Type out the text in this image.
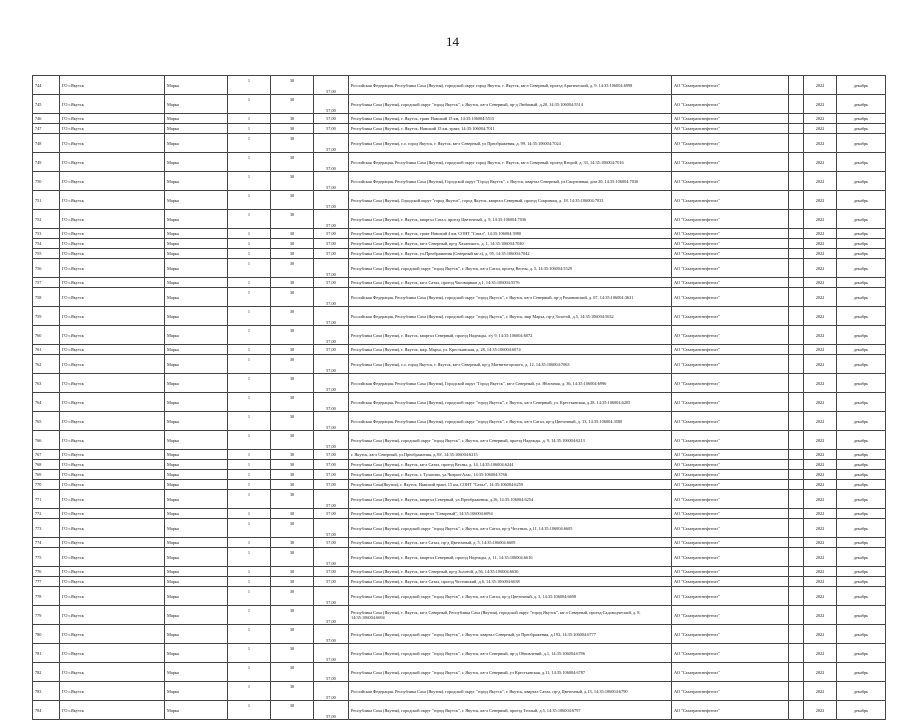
14
744	ГО г.Якутск	Марка	1	30	57,00	Российская Федерация, Республика Саха (Якутия), городской округ город Якутск, г. Якутск, кв-л Северный, проезд Арктический, д. 9. 14:35:106004:6998	АО "Сахатранснефтегаз"		2022	декабрь
745	ГО г.Якутск	Марка	1	30	57,00	Республика Саха (Якутия), городской округ "город Якутск", г. Якутск, кв-л Северный, пр-д Любимый, д.20, 14:35:106004:5514	АО "Сахатранснефтегаз"		2022	декабрь
746	ГО г.Якутск	Марка	1	30	57,00	Республика Саха (Якутия), г. Якутск, тракт Намский 15 км, 14:35:106004:5515	АО "Сахатранснефтегаз"		2022	декабрь
747	ГО г.Якутск	Марка	1	30	57,00	Республика Саха (Якутия), г. Якутск, Намский 15 км. тракт, 14:35:106004:7011	АО "Сахатранснефтегаз"		2022	декабрь
748	ГО г.Якутск	Марка	1	30	57,00	Республика Саха (Якутия), г.о. город Якутск, г. Якутск, кв-л Северный, ул Преображения, д. 99, 14:35:106004:7024	АО "Сахатранснефтегаз"		2022	декабрь
749	ГО г.Якутск	Марка	1	30	57,00	Российская Федерация, Республика Саха (Якутия), городской округ город Якутск, г. Якутск, кв-л Северный, проезд Второй, д. 33, 14:35:106004:7016	АО "Сахатранснефтегаз"		2022	декабрь
750	ГО г.Якутск	Марка	1	30	57,00	Российская Федерация, Республика Саха (Якутия), Городской округ "Город Якутск", г. Якутск, квартал Северный, ул.Спортивная, дом 20, 14:35:106004:7030	АО "Сахатранснефтегаз"		2022	декабрь
751	ГО г.Якутск	Марка	1	30	57,00	Республика Саха (Якутия), Городской округ "город Якутск", город Якутск, квартал Северный, проезд Сокровищ, д. 18, 14:35:106004:7033	АО "Сахатранснефтегаз"		2022	декабрь
752	ГО г.Якутск	Марка	1	30	57,00	Республика Саха (Якутия), г. Якутск, квартал Сатал, проезд Цветочный, д. 9, 14:35:106004:7036	АО "Сахатранснефтегаз"		2022	декабрь
753	ГО г.Якутск	Марка	1	30	57,00	Республика Саха (Якутия), г. Якутск, тракт Намский 4 км, СОНТ "Сатал", 14:35:106004:3980	АО "Сахатранснефтегаз"		2022	декабрь
754	ГО г.Якутск	Марка	1	30	57,00	Республика Саха (Якутия), г. Якутск, кв-л Северный, пр-д Хаханского, д. 1, 14:35:106004:7040	АО "Сахатранснефтегаз"		2022	декабрь
755	ГО г.Якутск	Марка	1	30	57,00	Республика Саха (Якутия), г. Якутск, ул.Преображения (Северный кв-л), д. 95, 14:35:106004:7042	АО "Сахатранснефтегаз"		2022	декабрь
756	ГО г.Якутск	Марка	1	30	57,00	Республика Саха (Якутия), городской округ "город Якутск", г. Якутск, кв-л Сатал, проезд Весны, д. 5, 14:35:106004:5529	АО "Сахатранснефтегаз"		2022	декабрь
757	ГО г.Якутск	Марка	1	30	57,00	Республика Саха (Якутия), г. Якутск, кв-л Сатал, проезд Часовщиков д.1, 14:35:106004:5576	АО "Сахатранснефтегаз"		2022	декабрь
758	ГО г.Якутск	Марка	1	30	57,00	Российская Федерация, Республика Саха (Якутия), городской округ "город Якутск", г. Якутск, кв-л Северный, пр-д Романовский, д. 07, 14:35:106004:3631	АО "Сахатранснефтегаз"		2022	декабрь
759	ГО г.Якутск	Марка	1	30	57,00	Российская Федерация, Республика Саха (Якутия), городской округ "город Якутск", г. Якутск, мкр Марха, пр-д Золотой, д.5, 14:35:106004:5632	АО "Сахатранснефтегаз"		2022	декабрь
760	ГО г.Якутск	Марка	1	30	57,00	Республика Саха (Якутия), г. Якутск, квартал Северный, проезд Надежды, з/у 9, 14:35:106004:6072	АО "Сахатранснефтегаз"		2022	декабрь
761	ГО г.Якутск	Марка	1	30	57,00	Республика Саха (Якутия), г. Якутск, мкр. Марха, ул. Крестьянская, д. 28, 14:35:106004:6074	АО "Сахатранснефтегаз"		2022	декабрь
762	ГО г.Якутск	Марка	1	30	57,00	Республика Саха (Якутия), г.о. город Якутск, г. Якутск, кв-л Северный, пр-д Магнитогорского, д. 12, 14:35:106004:7063	АО "Сахатранснефтегаз"		2022	декабрь
763	ГО г.Якутск	Марка	1	30	57,00	Российская Федерация, Республика Саха (Якутия), Городской округ "Город Якутск", кв-л Северный, ул. Яблочная, д. 36, 14:35:106004:6996	АО "Сахатранснефтегаз"		2022	декабрь
764	ГО г.Якутск	Марка	1	30	57,00	Российская Федерация, Республика Саха (Якутия), городской округ "город Якутск", г. Якутск, кв-л Северный, ул. Крестьянская, д.28, 14:35:106004:6205	АО "Сахатранснефтегаз"		2022	декабрь
765	ГО г.Якутск	Марка	1	30	57,00	Российская Федерация, Республика Саха (Якутия), городской округ "город Якутск", г. Якутск, кв-л Сатал, пр-д Цветочный, д. 13, 14:35:106004:3580	АО "Сахатранснефтегаз"		2022	декабрь
766	ГО г.Якутск	Марка	1	30	57,00	Республика Саха (Якутия), городской округ "город Якутск", г. Якутск, кв-л Северный, проезд Надежды, д. 9, 14:35:106004:6213	АО "Сахатранснефтегаз"		2022	декабрь
767	ГО г.Якутск	Марка	1	30	57,00	г. Якутск, кв-л Северный, ул.Преображения, д.39/, 14:35:106004:6215	АО "Сахатранснефтегаз"		2022	декабрь
768	ГО г.Якутск	Марка	1	30	57,00	Республика Саха (Якутия), г. Якутск, кв-л Сатал, проезд Весны, д. 14, 14:35:106004:6244	АО "Сахатранснефтегаз"		2022	декабрь
769	ГО г.Якутск	Марка	1	30	57,00	Республика Саха (Якутия), г. Якутск, г. Тулагино, ул.Чиэриэ-Алас, 14:35:106004:3766	АО "Сахатранснефтегаз"		2022	декабрь
770	ГО г.Якутск	Марка	1	30	57,00	Республика Саха(Якутия), г. Якутск, Намский тракт, 15 км, СОНТ "Сатал", 14:35:106004:6259	АО "Сахатранснефтегаз"		2022	декабрь
771	ГО г.Якутск	Марка	1	30	57,00	Республика Саха (Якутия), г. Якутск, квартал Северный, ул.Преображения, д.16, 14:35:106004:6254	АО "Сахатранснефтегаз"		2022	декабрь
772	ГО г.Якутск	Марка	1	30	57,00	Республика Саха (Якутия), г. Якутск, квартал "Северный", 14:35:106004:6094	АО "Сахатранснефтегаз"		2022	декабрь
773	ГО г.Якутск	Марка	1	30	57,00	Республика Саха (Якутия), городской округ "город Якутск", г. Якутск, кв-л Сатал, пр-д Честных, д.11, 14:35:106004:6605	АО "Сахатранснефтегаз"		2022	декабрь
774	ГО г.Якутск	Марка	1	30	57,00	Республика Саха (Якутия), г. Якутск, кв-л Сатал, пр-д Цветочный, д. 5, 14:35:106004:6609	АО "Сахатранснефтегаз"		2022	декабрь
775	ГО г.Якутск	Марка	1	30	57,00	Республика Саха (Якутия), г. Якутск, квартал Северный, проезд Надежды, д. 11, 14:35:106004:6616	АО "Сахатранснефтегаз"		2022	декабрь
776	ГО г.Якутск	Марка	1	30	57,00	Республика Саха (Якутия), г. Якутск, кв-л Северный, пр-д Золотой, д.56, 14:35:106004:6630	АО "Сахатранснефтегаз"		2022	декабрь
777	ГО г.Якутск	Марка	1	30	57,00	Республика Саха (Якутия), г. Якутск, кв-л Сатал, проезд Честивский, д.6, 14:35:106004:6638	АО "Сахатранснефтегаз"		2022	декабрь
778	ГО г.Якутск	Марка	1	30	57,00	Республика Саха (Якутия), городской округ "город Якутск", г. Якутск, кв-л Сатал, пр-д Цветочный, д. 3, 14:35:106004:6698	АО "Сахатранснефтегаз"		2022	декабрь
779	ГО г.Якутск	Марка	1	30	57,00	Республика Саха (Якутия), г. Якутск, кв-л Северный, Республика Саха (Якутия), городской округ "город Якутск", кв-л Северный, проезд Садоводческий, д. 8, 14:35:106004:6694	АО "Сахатранснефтегаз"		2022	декабрь
780	ГО г.Якутск	Марка	1	30	57,00	Республика Саха (Якутия), городской округ "город Якутск", г. Якутск, квартал Северный, ул Преображения, д.193, 14:35:106004:6777	АО "Сахатранснефтегаз"		2022	декабрь
781	ГО г.Якутск	Марка	1	30	57,00	Республика Саха (Якутия), городской округ "город Якутск", г. Якутск, кв-л Северный, пр-д Обновлений, д.1, 14:35:106004:6786	АО "Сахатранснефтегаз"		2022	декабрь
782	ГО г.Якутск	Марка	1	30	57,00	Республика Саха (Якутия), городской округ "город Якутск", г. Якутск, кв-л Северный, ул Крестьянская, д.11, 14:35:106004:6787	АО "Сахатранснефтегаз"		2022	декабрь
783	ГО г.Якутск	Марка	1	30	57,00	Российская Федерация, Республика Саха (Якутия), городской округ "город Якутск", г. Якутск, квартал Сатал, пр-д Цветочный, д.13, 14:35:106004:6790	АО "Сахатранснефтегаз"		2022	декабрь
784	ГО г.Якутск	Марка	1	30	57,00	Республика Саха (Якутия), городской округ "город Якутск", г. Якутск, кв-л Северный, проезд Теплый, д.5, 14:35:106004:6797	АО "Сахатранснефтегаз"		2022	декабрь
